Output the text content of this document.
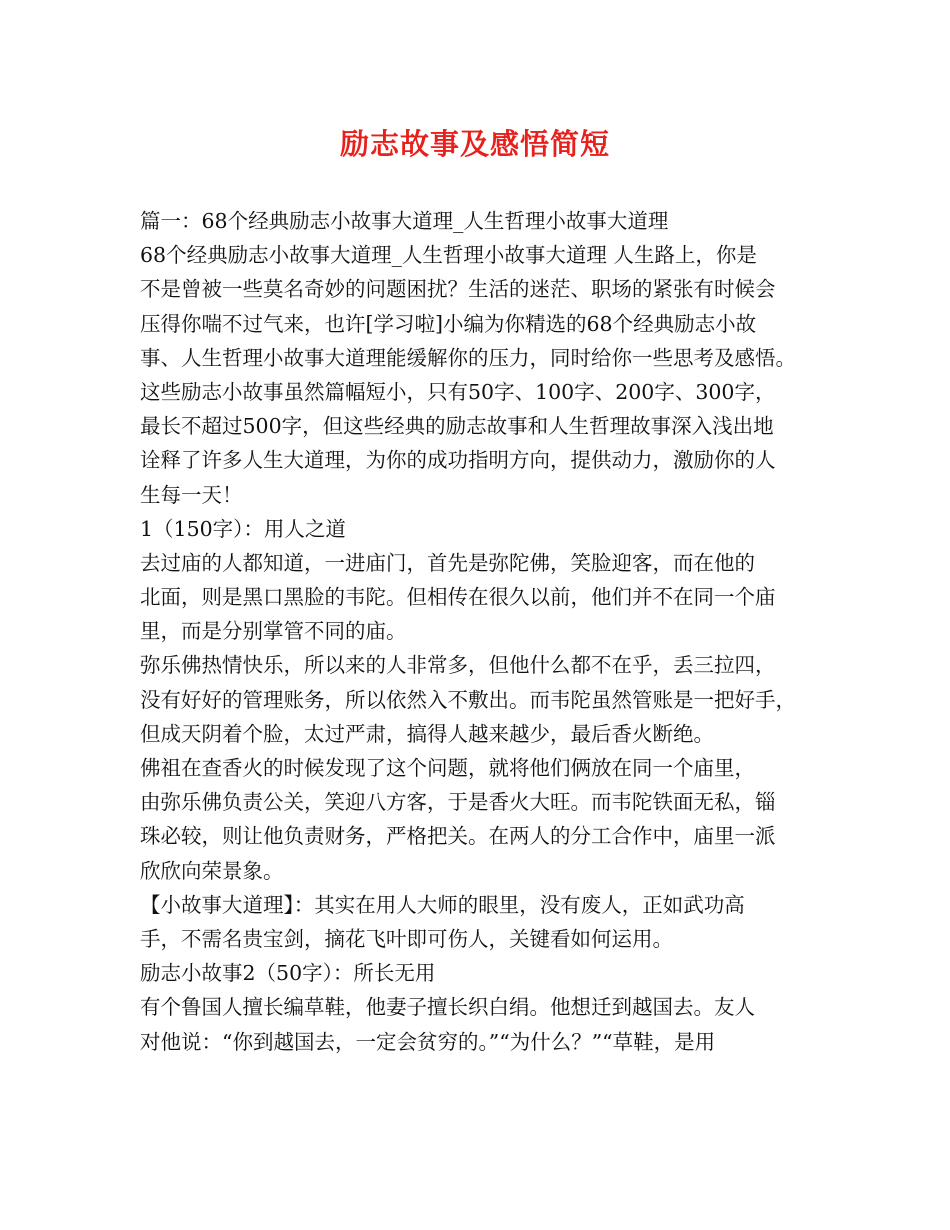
励志故事及感悟简短
篇一：68个经典励志小故事大道理_人生哲理小故事大道理
68个经典励志小故事大道理_人生哲理小故事大道理 人生路上，你是
不是曾被一些莫名奇妙的问题困扰？生活的迷茫、职场的紧张有时候会
压得你喘不过气来，也许[学习啦]小编为你精选的68个经典励志小故
事、人生哲理小故事大道理能缓解你的压力，同时给你一些思考及感悟。
这些励志小故事虽然篇幅短小，只有50字、100字、200字、300字，
最长不超过500字，但这些经典的励志故事和人生哲理故事深入浅出地
诠释了许多人生大道理，为你的成功指明方向，提供动力，激励你的人
生每一天！
1（150字）：用人之道
去过庙的人都知道，一进庙门，首先是弥陀佛，笑脸迎客，而在他的
北面，则是黑口黑脸的韦陀。但相传在很久以前，他们并不在同一个庙
里，而是分别掌管不同的庙。
弥乐佛热情快乐，所以来的人非常多，但他什么都不在乎，丢三拉四，
没有好好的管理账务，所以依然入不敷出。而韦陀虽然管账是一把好手，
但成天阴着个脸，太过严肃，搞得人越来越少，最后香火断绝。
佛祖在查香火的时候发现了这个问题，就将他们俩放在同一个庙里，
由弥乐佛负责公关，笑迎八方客，于是香火大旺。而韦陀铁面无私，锱
珠必较，则让他负责财务，严格把关。在两人的分工合作中，庙里一派
欣欣向荣景象。
【小故事大道理】：其实在用人大师的眼里，没有废人，正如武功高
手，不需名贵宝剑，摘花飞叶即可伤人，关键看如何运用。
励志小故事2（50字）：所长无用
有个鲁国人擅长编草鞋，他妻子擅长织白绢。他想迁到越国去。友人
对他说：“你到越国去，一定会贫穷的。”“为什么？”“草鞋，是用
